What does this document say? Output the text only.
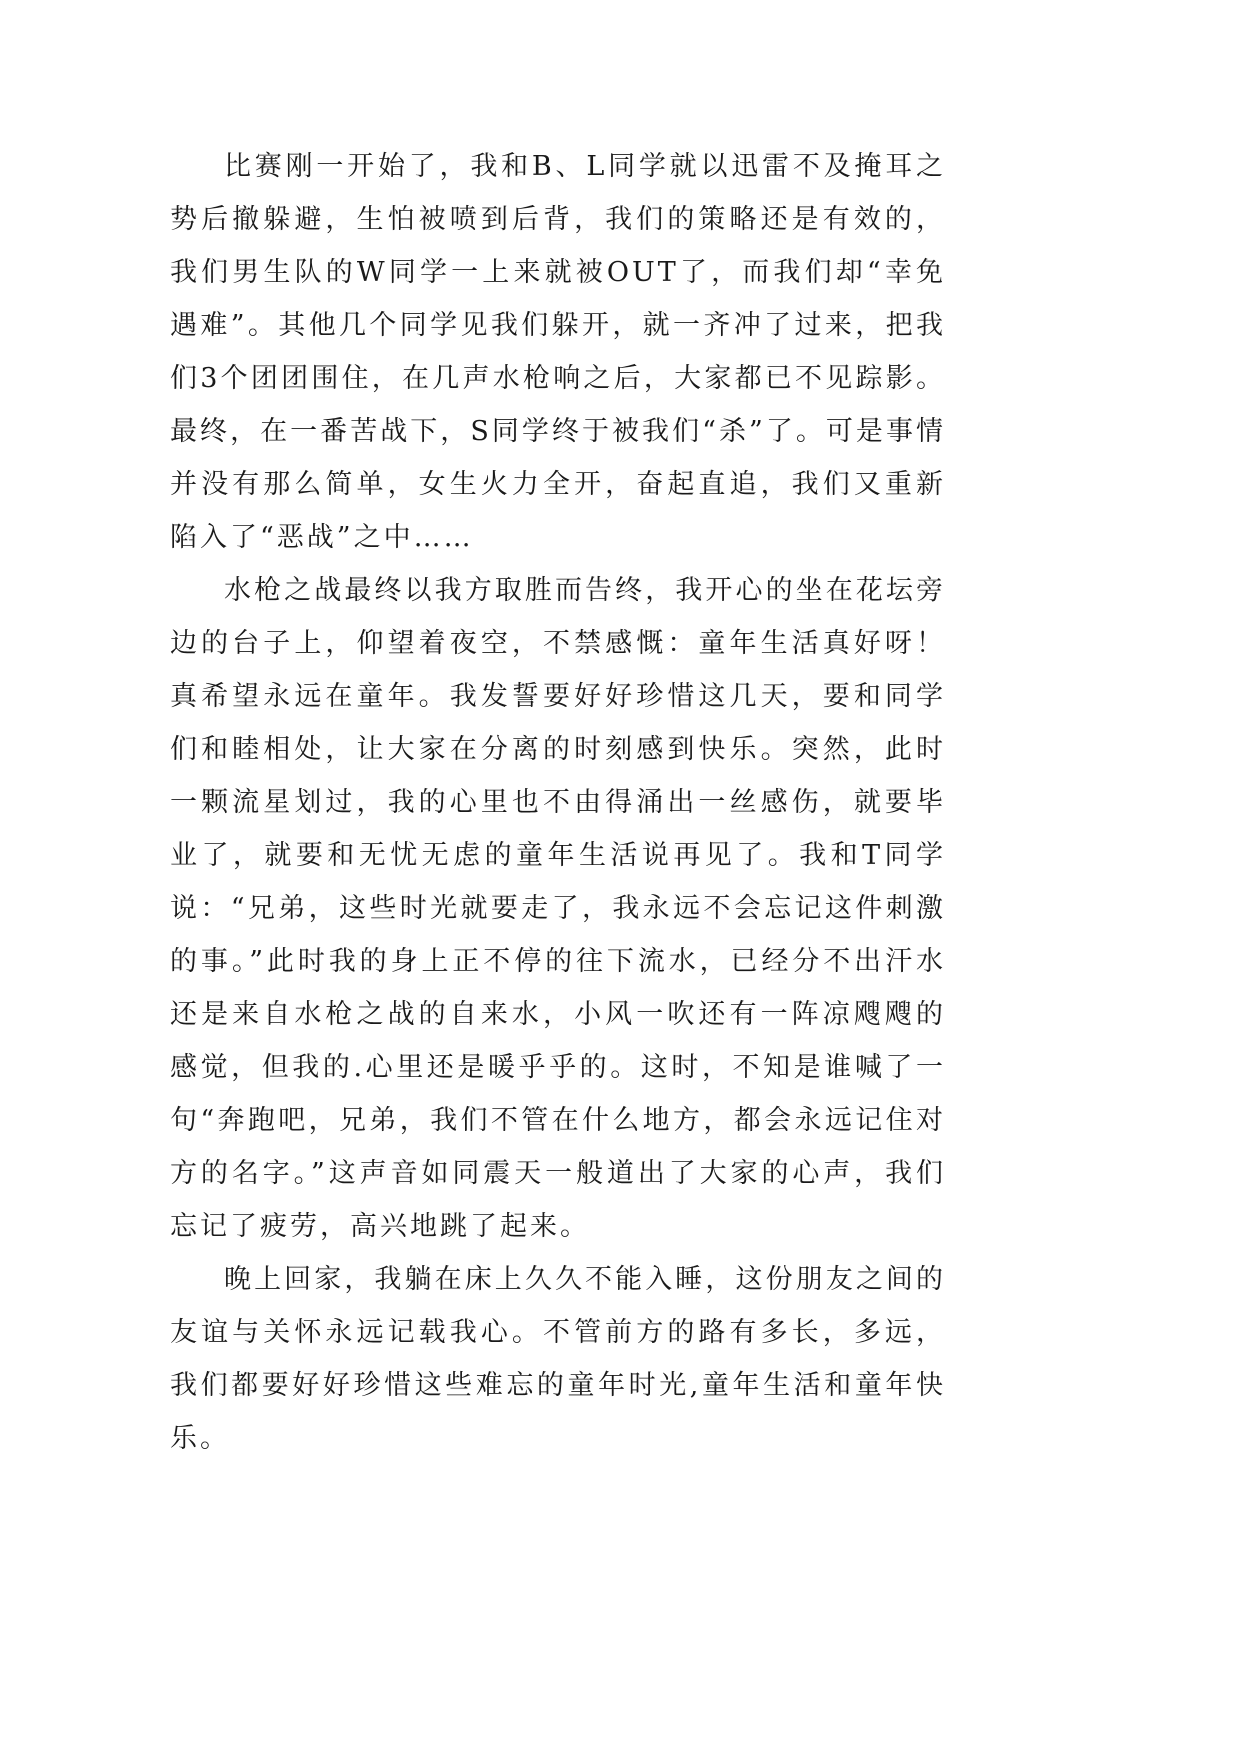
比赛刚一开始了，我和B、L同学就以迅雷不及掩耳之势后撤躲避，生怕被喷到后背，我们的策略还是有效的，我们男生队的W同学一上来就被OUT了，而我们却“幸免遇难”。其他几个同学见我们躲开，就一齐冲了过来，把我们3个团团围住，在几声水枪响之后，大家都已不见踪影。最终，在一番苦战下，S同学终于被我们“杀”了。可是事情并没有那么简单，女生火力全开，奋起直追，我们又重新陷入了“恶战”之中……

水枪之战最终以我方取胜而告终，我开心的坐在花坛旁边的台子上，仰望着夜空，不禁感慨：童年生活真好呀！真希望永远在童年。我发誓要好好珍惜这几天，要和同学们和睦相处，让大家在分离的时刻感到快乐。突然，此时一颗流星划过，我的心里也不由得涌出一丝感伤，就要毕业了，就要和无忧无虑的童年生活说再见了。我和T同学说：“兄弟，这些时光就要走了，我永远不会忘记这件刺激的事。”此时我的身上正不停的往下流水，已经分不出汗水还是来自水枪之战的自来水，小风一吹还有一阵凉飕飕的感觉，但我的.心里还是暖乎乎的。这时，不知是谁喊了一句“奔跑吧，兄弟，我们不管在什么地方，都会永远记住对方的名字。”这声音如同震天一般道出了大家的心声，我们忘记了疲劳，高兴地跳了起来。

晚上回家，我躺在床上久久不能入睡，这份朋友之间的友谊与关怀永远记载我心。不管前方的路有多长，多远，我们都要好好珍惜这些难忘的童年时光,童年生活和童年快乐。
